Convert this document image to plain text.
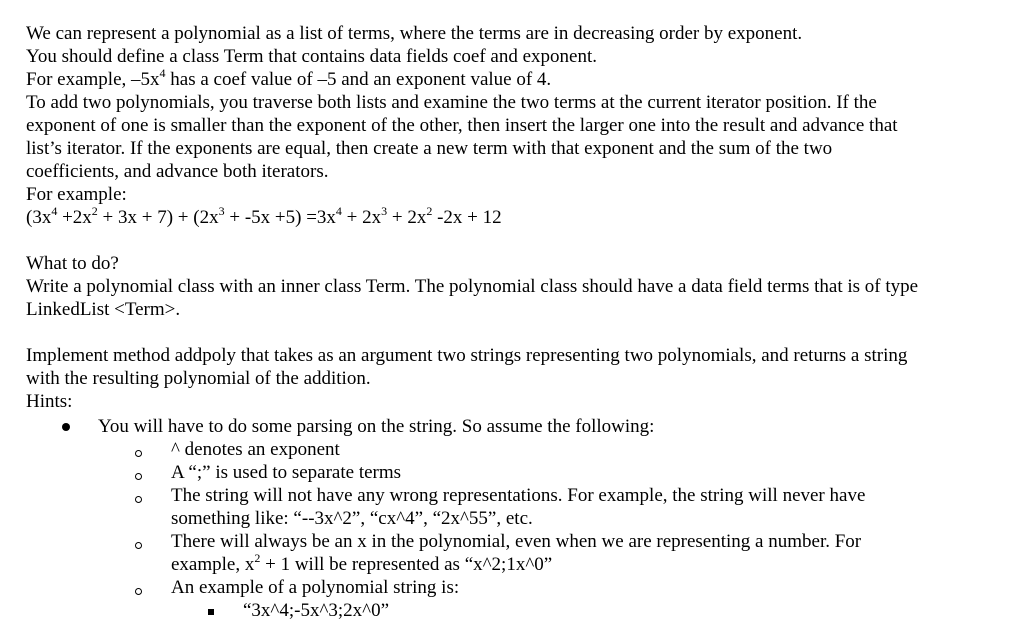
We can represent a polynomial as a list of terms, where the terms are in decreasing order by exponent.
You should define a class Term that contains data fields coef and exponent.
For example, $-5x^4$ has a coef value of –5 and an exponent value of 4.
To add two polynomials, you traverse both lists and examine the two terms at the current iterator position. If the
exponent of one is smaller than the exponent of the other, then insert the larger one into the result and advance that
list’s iterator. If the exponents are equal, then create a new term with that exponent and the sum of the two
coefficients, and advance both iterators.
For example:
$(3x^4 +2x^2 + 3x + 7) + (2x^3 + -5x +5) =3x^4 + 2x^3 + 2x^2$ -2x + 12
What to do?
Write a polynomial class with an inner class Term. The polynomial class should have a data field terms that is of type
LinkedList <Term>.
Implement method addpoly that takes as an argument two strings representing two polynomials, and returns a string
with the resulting polynomial of the addition.
Hints:
You will have to do some parsing on the string. So assume the following:
^ denotes an exponent
A “;” is used to separate terms
The string will not have any wrong representations. For example, the string will never have
something like: “--3x^2”, “cx^4”, “2x^55”, etc.
There will always be an x in the polynomial, even when we are representing a number. For
example, $x^2 + 1$ will be represented as “x^2;1x^0”
An example of a polynomial string is:
“3x^4;-5x^3;2x^0”
